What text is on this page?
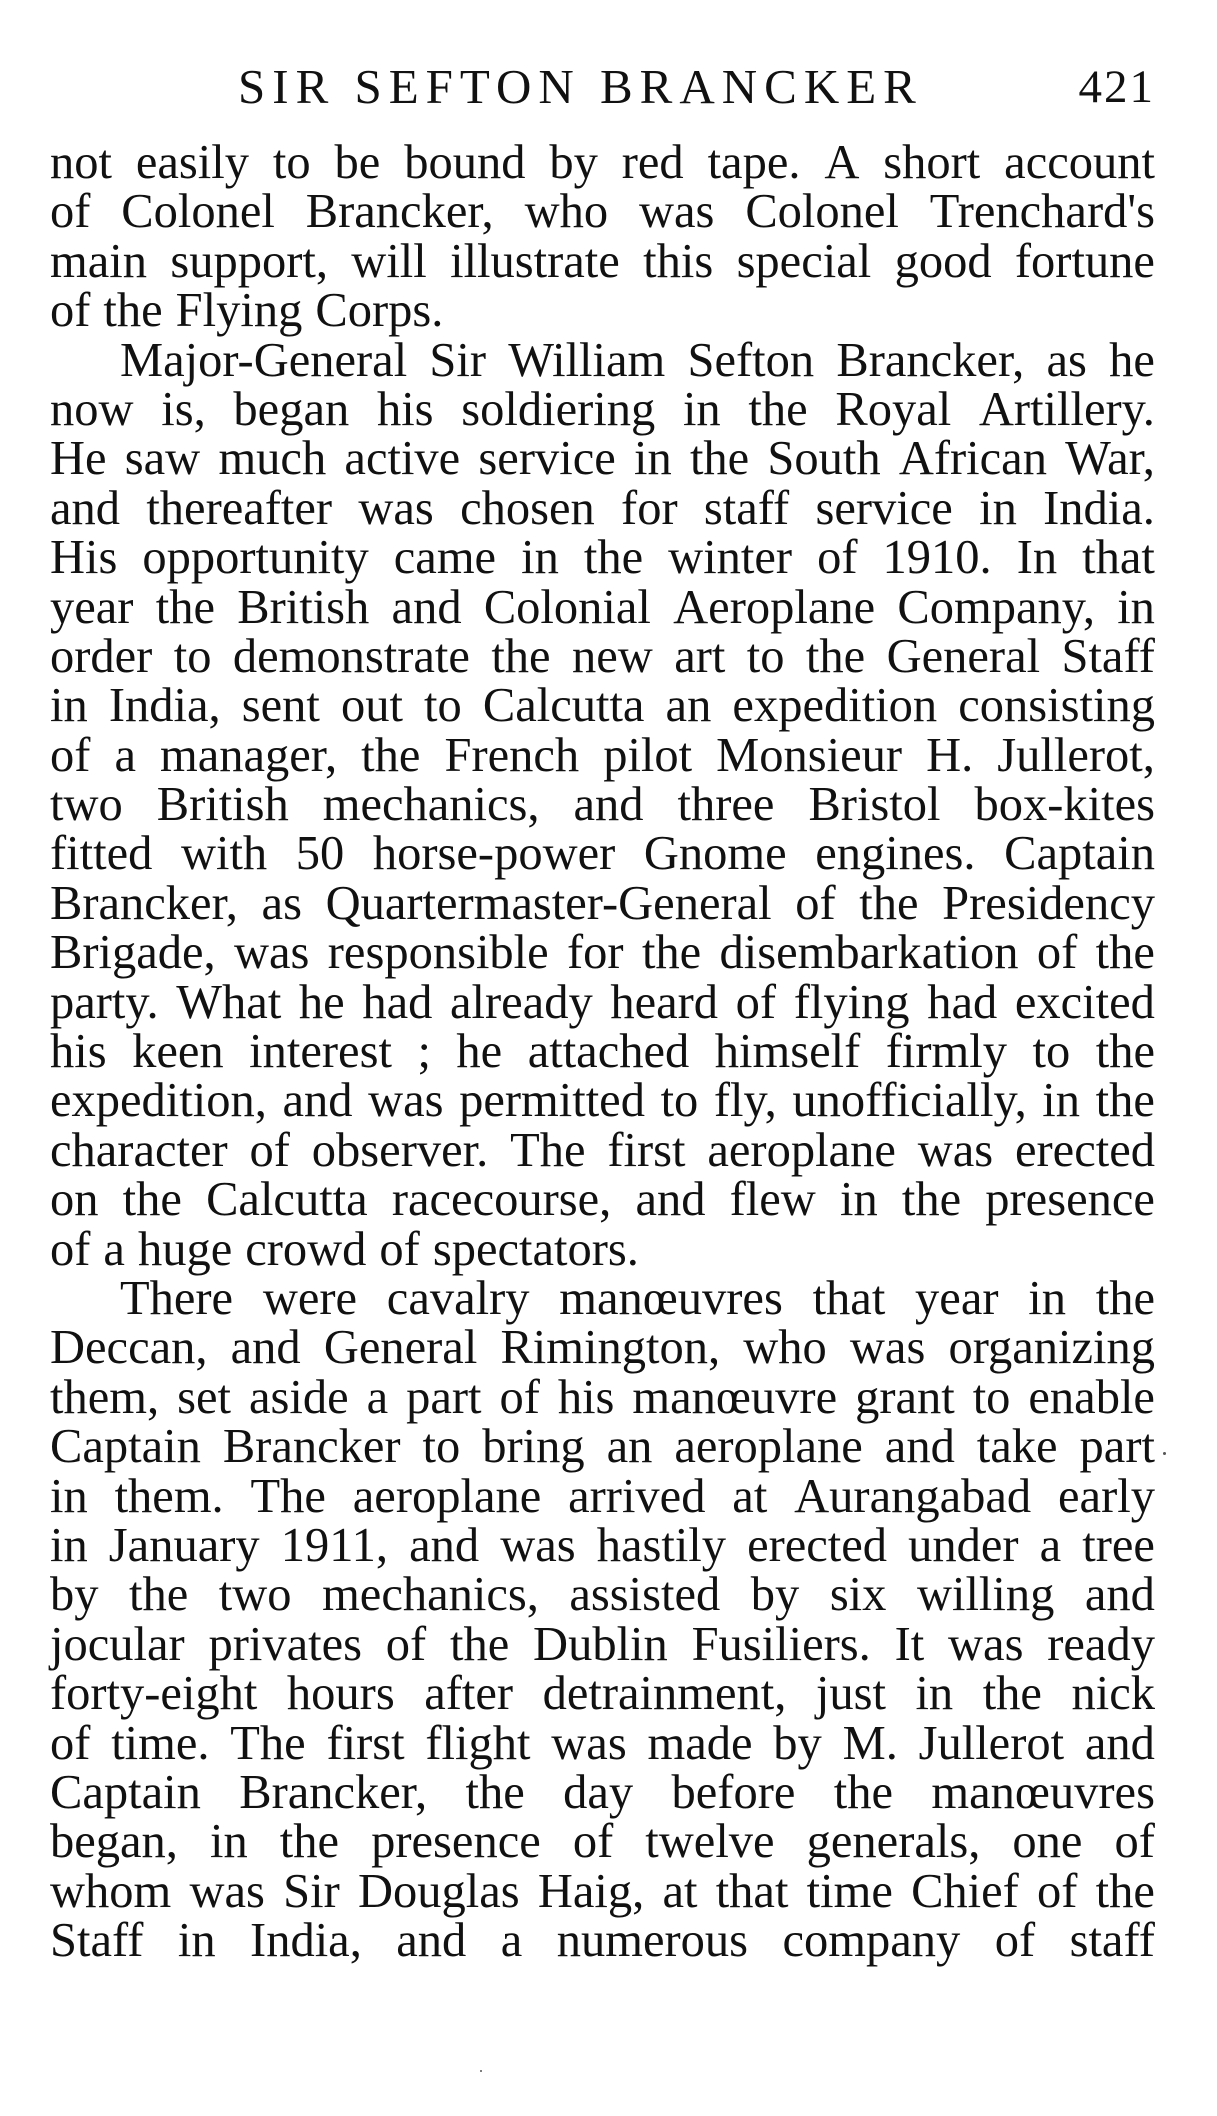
SIR SEFTON BRANCKER	421
not easily to be bound by red tape. A short account
of Colonel Brancker, who was Colonel Trenchard's
main support, will illustrate this special good fortune
of the Flying Corps.
Major-General Sir William Sefton Brancker, as he
now is, began his soldiering in the Royal Artillery.
He saw much active service in the South African War,
and thereafter was chosen for staff service in India.
His opportunity came in the winter of 1910. In that
year the British and Colonial Aeroplane Company, in
order to demonstrate the new art to the General Staff
in India, sent out to Calcutta an expedition consisting
of a manager, the French pilot Monsieur H. Jullerot,
two British mechanics, and three Bristol box-kites
fitted with 50 horse-power Gnome engines. Captain
Brancker, as Quartermaster-General of the Presidency
Brigade, was responsible for the disembarkation of the
party. What he had already heard of flying had excited
his keen interest ; he attached himself firmly to the
expedition, and was permitted to fly, unofficially, in the
character of observer. The first aeroplane was erected
on the Calcutta racecourse, and flew in the presence
of a huge crowd of spectators.
There were cavalry manœuvres that year in the
Deccan, and General Rimington, who was organizing
them, set aside a part of his manœuvre grant to enable
Captain Brancker to bring an aeroplane and take part
in them. The aeroplane arrived at Aurangabad early
in January 1911, and was hastily erected under a tree
by the two mechanics, assisted by six willing and
jocular privates of the Dublin Fusiliers. It was ready
forty-eight hours after detrainment, just in the nick
of time. The first flight was made by M. Jullerot and
Captain Brancker, the day before the manœuvres
began, in the presence of twelve generals, one of
whom was Sir Douglas Haig, at that time Chief of the
Staff in India, and a numerous company of staff
